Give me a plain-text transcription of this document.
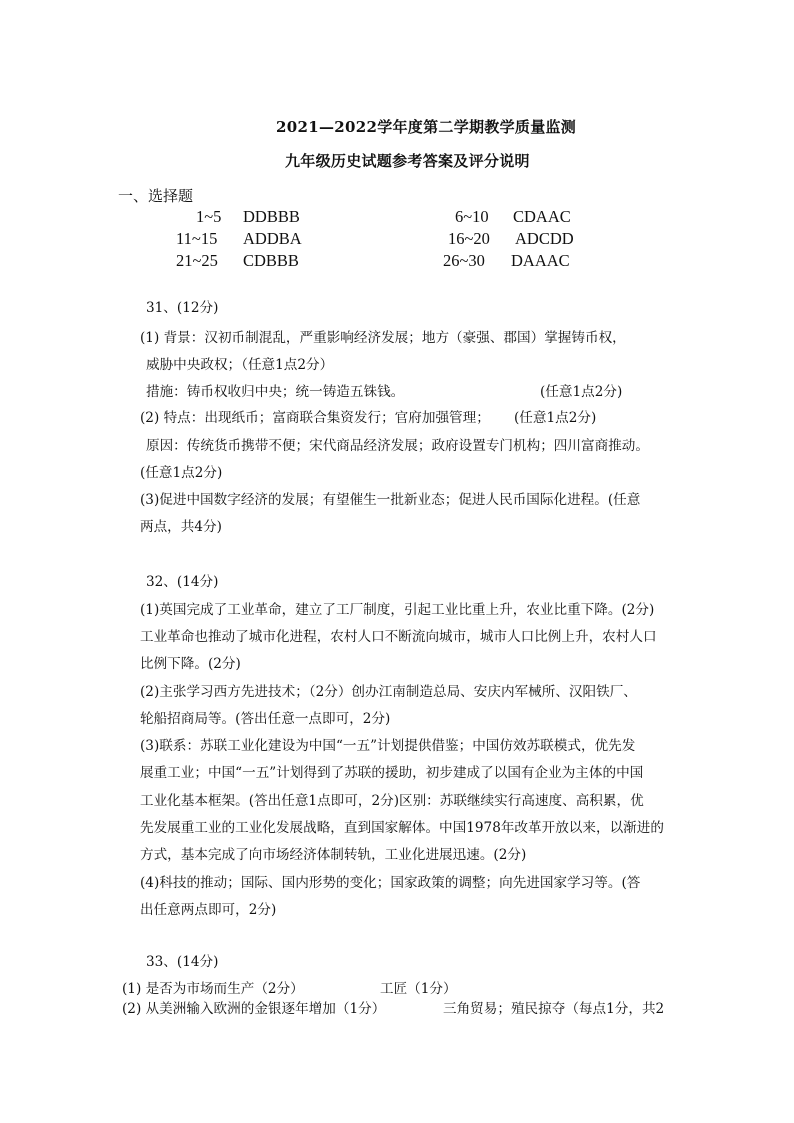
2021—2022学年度第二学期教学质量监测
九年级历史试题参考答案及评分说明
一、选择题
1~5 DDBBB	6~10 CDAAC
11~15 ADDBA	16~20 ADCDD
21~25 CDBBB	26~30 DAAAC
31、(12分)
(1) 背景：汉初币制混乱，严重影响经济发展；地方（豪强、郡国）掌握铸币权，
威胁中央政权；（任意1点2分）
措施：铸币权收归中央；统一铸造五铢钱。	(任意1点2分)
(2) 特点：出现纸币；富商联合集资发行；官府加强管理； (任意1点2分)
原因：传统货币携带不便；宋代商品经济发展；政府设置专门机构；四川富商推动。
(任意1点2分)
(3)促进中国数字经济的发展；有望催生一批新业态；促进人民币国际化进程。(任意
两点，共4分)
32、(14分)
(1)英国完成了工业革命，建立了工厂制度，引起工业比重上升，农业比重下降。(2分)
工业革命也推动了城市化进程，农村人口不断流向城市，城市人口比例上升，农村人口
比例下降。(2分)
(2)主张学习西方先进技术；（2分）创办江南制造总局、安庆内军械所、汉阳铁厂、
轮船招商局等。(答出任意一点即可，2分)
(3)联系：苏联工业化建设为中国“一五”计划提供借鉴；中国仿效苏联模式，优先发
展重工业；中国“一五”计划得到了苏联的援助，初步建成了以国有企业为主体的中国
工业化基本框架。(答出任意1点即可，2分)区别：苏联继续实行高速度、高积累，优
先发展重工业的工业化发展战略，直到国家解体。中国1978年改革开放以来，以渐进的
方式，基本完成了向市场经济体制转轨，工业化进展迅速。(2分)
(4)科技的推动；国际、国内形势的变化；国家政策的调整；向先进国家学习等。(答
出任意两点即可，2分)
33、(14分)
(1) 是否为市场而生产（2分）	工匠（1分）
(2) 从美洲输入欧洲的金银逐年增加（1分）	三角贸易；殖民掠夺（每点1分，共2
